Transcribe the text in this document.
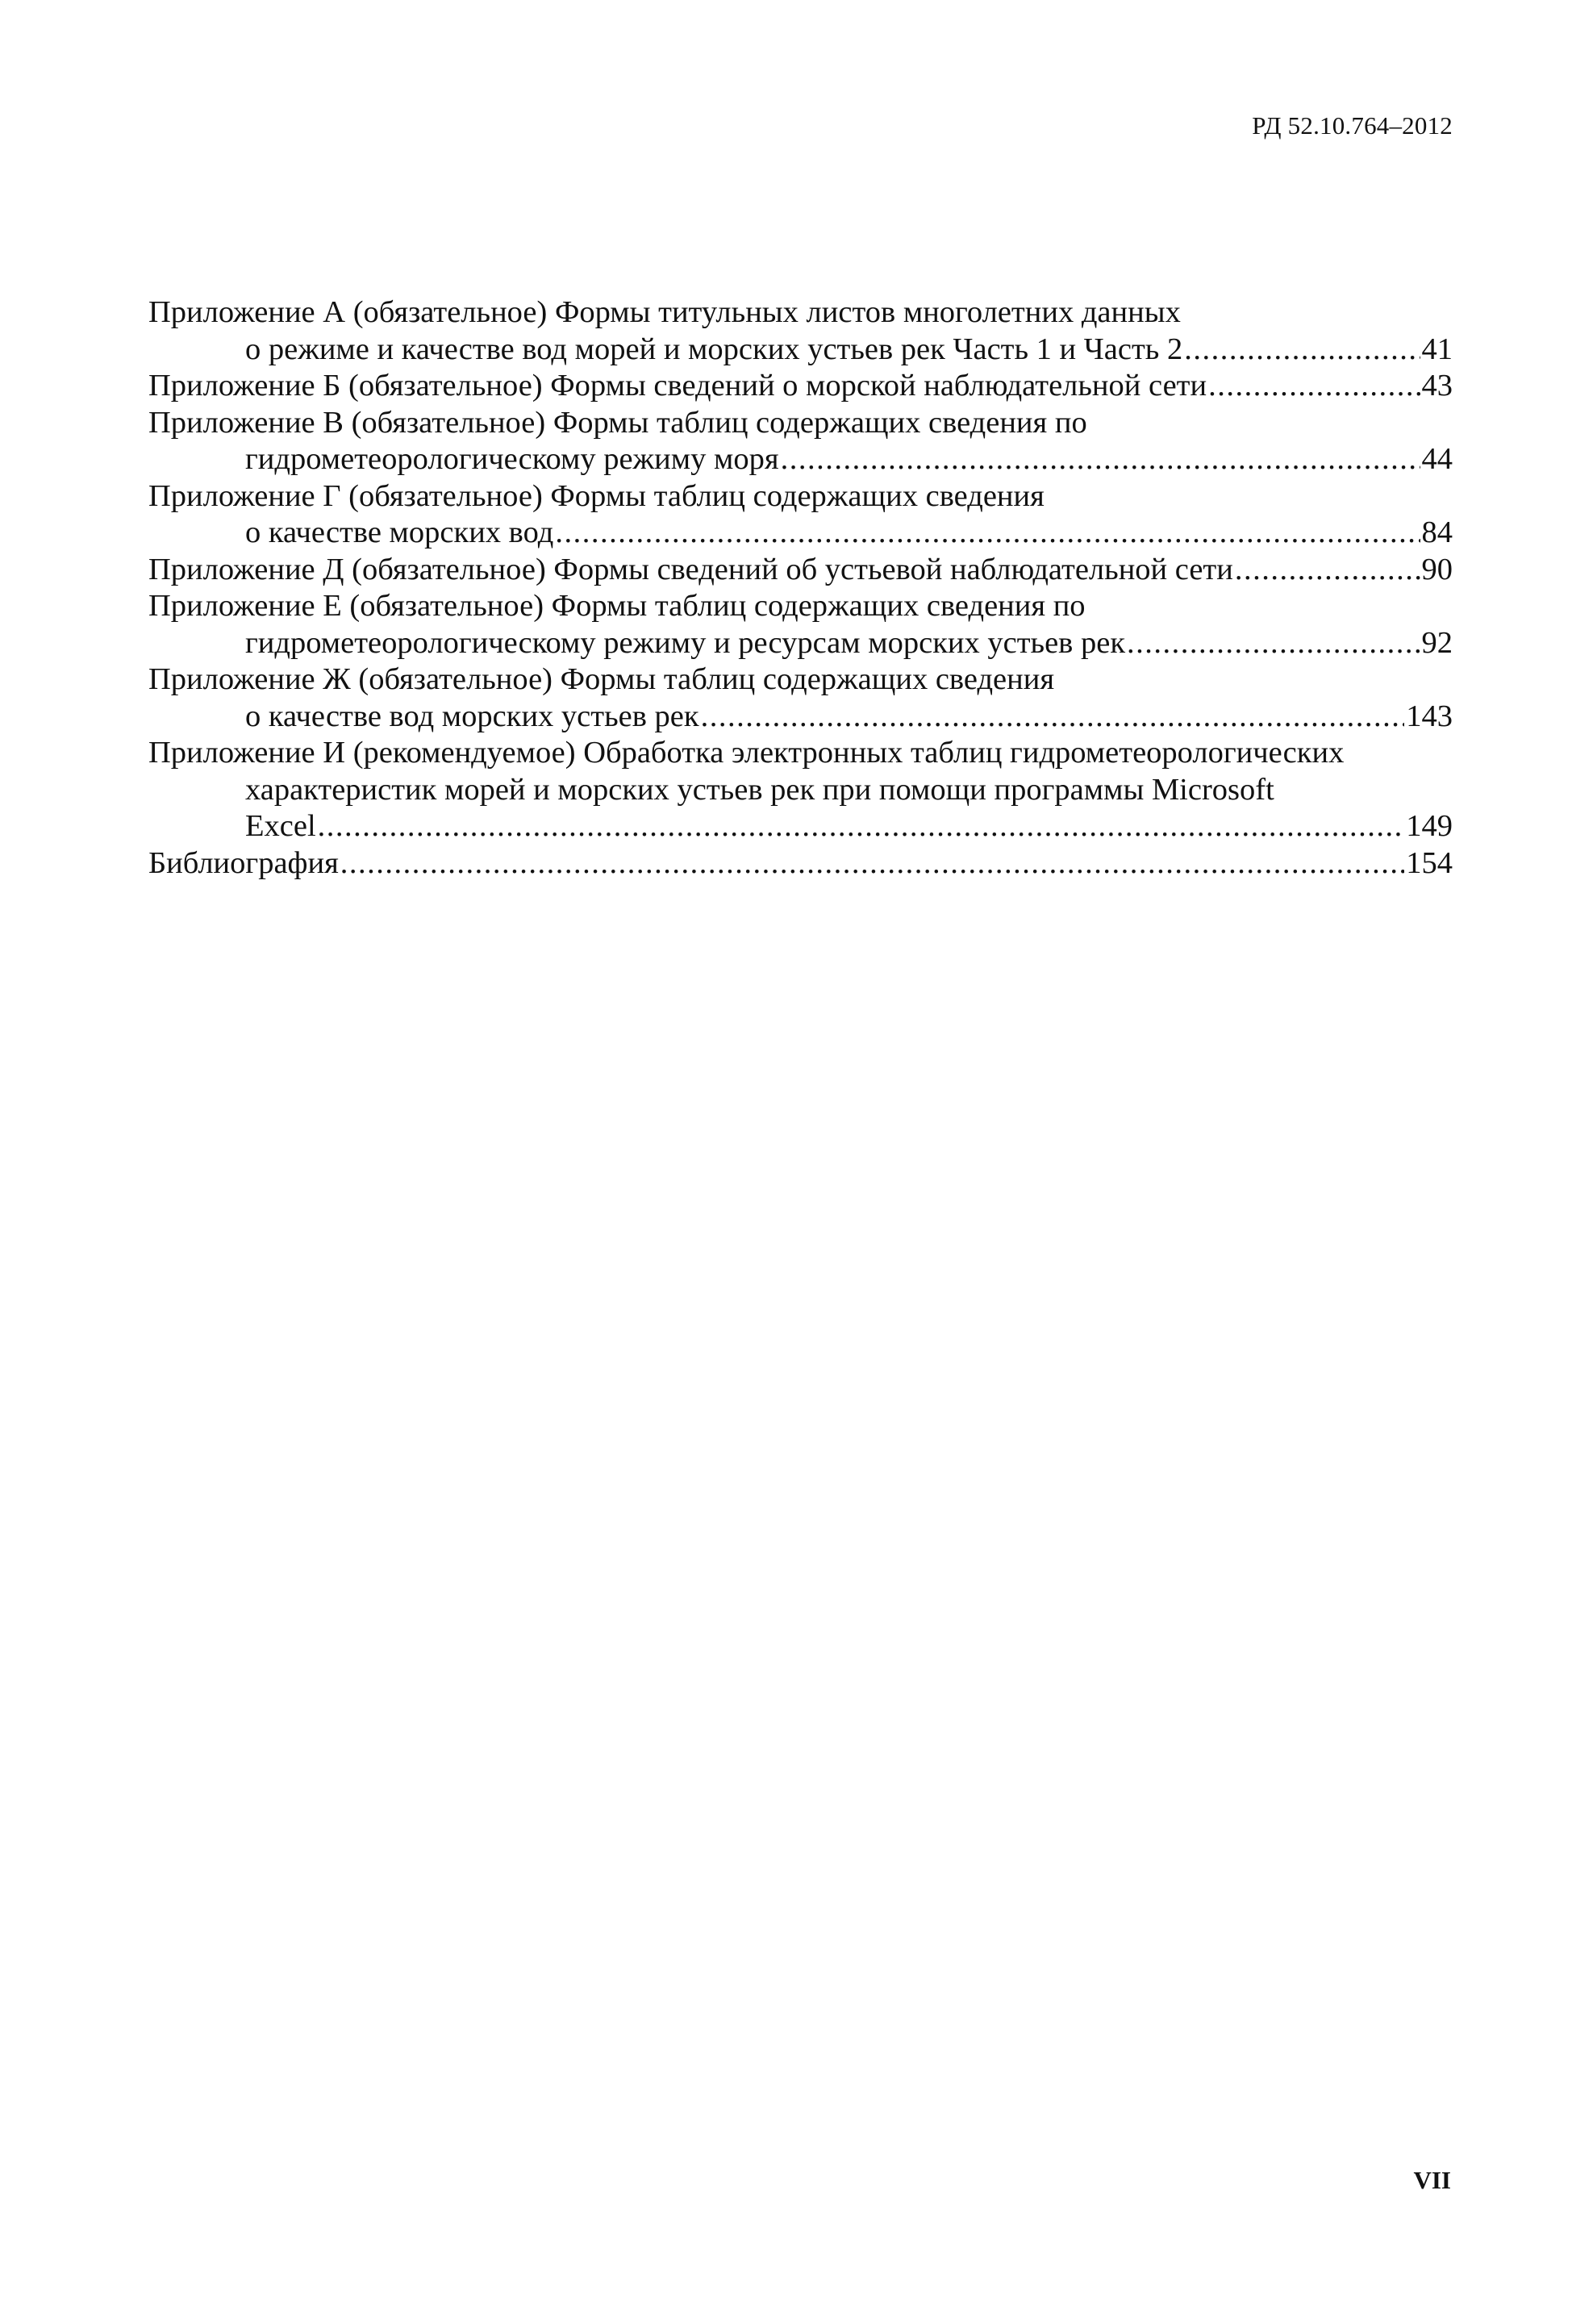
РД 52.10.764–2012
Приложение А (обязательное) Формы титульных листов многолетних данных
о режиме и качестве вод морей и морских устьев рек Часть 1 и Часть 2 .....	41
Приложение Б (обязательное) Формы сведений о морской наблюдательной сети .....	43
Приложение В (обязательное) Формы таблиц содержащих сведения по
гидрометеорологическому режиму моря .....	44
Приложение Г (обязательное) Формы таблиц содержащих сведения
о качестве морских вод .....	84
Приложение Д (обязательное) Формы сведений об устьевой наблюдательной сети .....	90
Приложение Е (обязательное) Формы таблиц содержащих сведения по
гидрометеорологическому режиму и ресурсам морских устьев рек .....	92
Приложение Ж (обязательное) Формы таблиц содержащих сведения
о качестве вод морских устьев рек .....	143
Приложение И (рекомендуемое) Обработка электронных таблиц гидрометеорологических
характеристик морей и морских устьев рек при помощи программы Microsoft
Excel .....	149
Библиография .....	154
VII
